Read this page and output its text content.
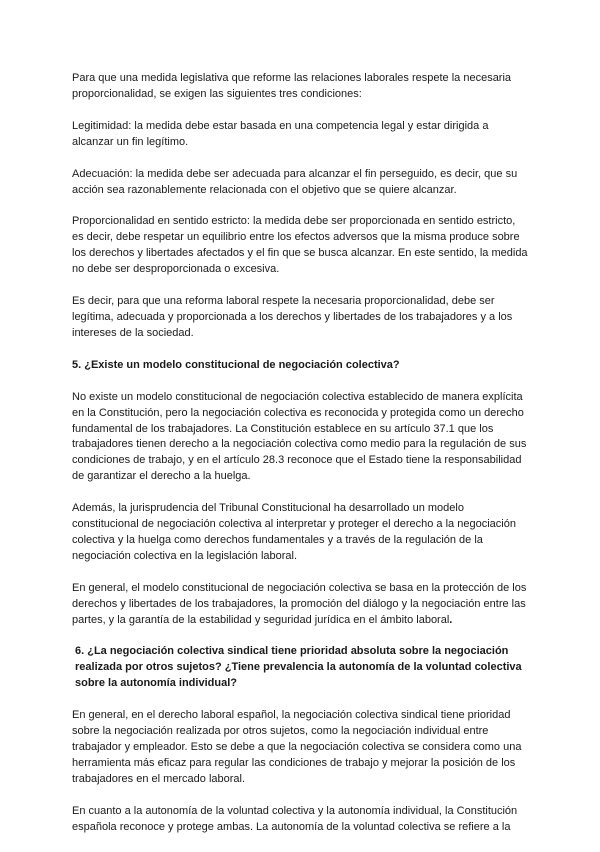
Para que una medida legislativa que reforme las relaciones laborales respete la necesaria proporcionalidad, se exigen las siguientes tres condiciones:

Legitimidad: la medida debe estar basada en una competencia legal y estar dirigida a alcanzar un fin legítimo.

Adecuación: la medida debe ser adecuada para alcanzar el fin perseguido, es decir, que su acción sea razonablemente relacionada con el objetivo que se quiere alcanzar.

Proporcionalidad en sentido estricto: la medida debe ser proporcionada en sentido estricto, es decir, debe respetar un equilibrio entre los efectos adversos que la misma produce sobre los derechos y libertades afectados y el fin que se busca alcanzar. En este sentido, la medida no debe ser desproporcionada o excesiva.

Es decir, para que una reforma laboral respete la necesaria proporcionalidad, debe ser legítima, adecuada y proporcionada a los derechos y libertades de los trabajadores y a los intereses de la sociedad.

5. ¿Existe un modelo constitucional de negociación colectiva?

No existe un modelo constitucional de negociación colectiva establecido de manera explícita en la Constitución, pero la negociación colectiva es reconocida y protegida como un derecho fundamental de los trabajadores. La Constitución establece en su artículo 37.1 que los trabajadores tienen derecho a la negociación colectiva como medio para la regulación de sus condiciones de trabajo, y en el artículo 28.3 reconoce que el Estado tiene la responsabilidad de garantizar el derecho a la huelga.

Además, la jurisprudencia del Tribunal Constitucional ha desarrollado un modelo constitucional de negociación colectiva al interpretar y proteger el derecho a la negociación colectiva y la huelga como derechos fundamentales y a través de la regulación de la negociación colectiva en la legislación laboral.

En general, el modelo constitucional de negociación colectiva se basa en la protección de los derechos y libertades de los trabajadores, la promoción del diálogo y la negociación entre las partes, y la garantía de la estabilidad y seguridad jurídica en el ámbito laboral.

6. ¿La negociación colectiva sindical tiene prioridad absoluta sobre la negociación realizada por otros sujetos? ¿Tiene prevalencia la autonomía de la voluntad colectiva sobre la autonomía individual?

En general, en el derecho laboral español, la negociación colectiva sindical tiene prioridad sobre la negociación realizada por otros sujetos, como la negociación individual entre trabajador y empleador. Esto se debe a que la negociación colectiva se considera como una herramienta más eficaz para regular las condiciones de trabajo y mejorar la posición de los trabajadores en el mercado laboral.

En cuanto a la autonomía de la voluntad colectiva y la autonomía individual, la Constitución española reconoce y protege ambas. La autonomía de la voluntad colectiva se refiere a la
